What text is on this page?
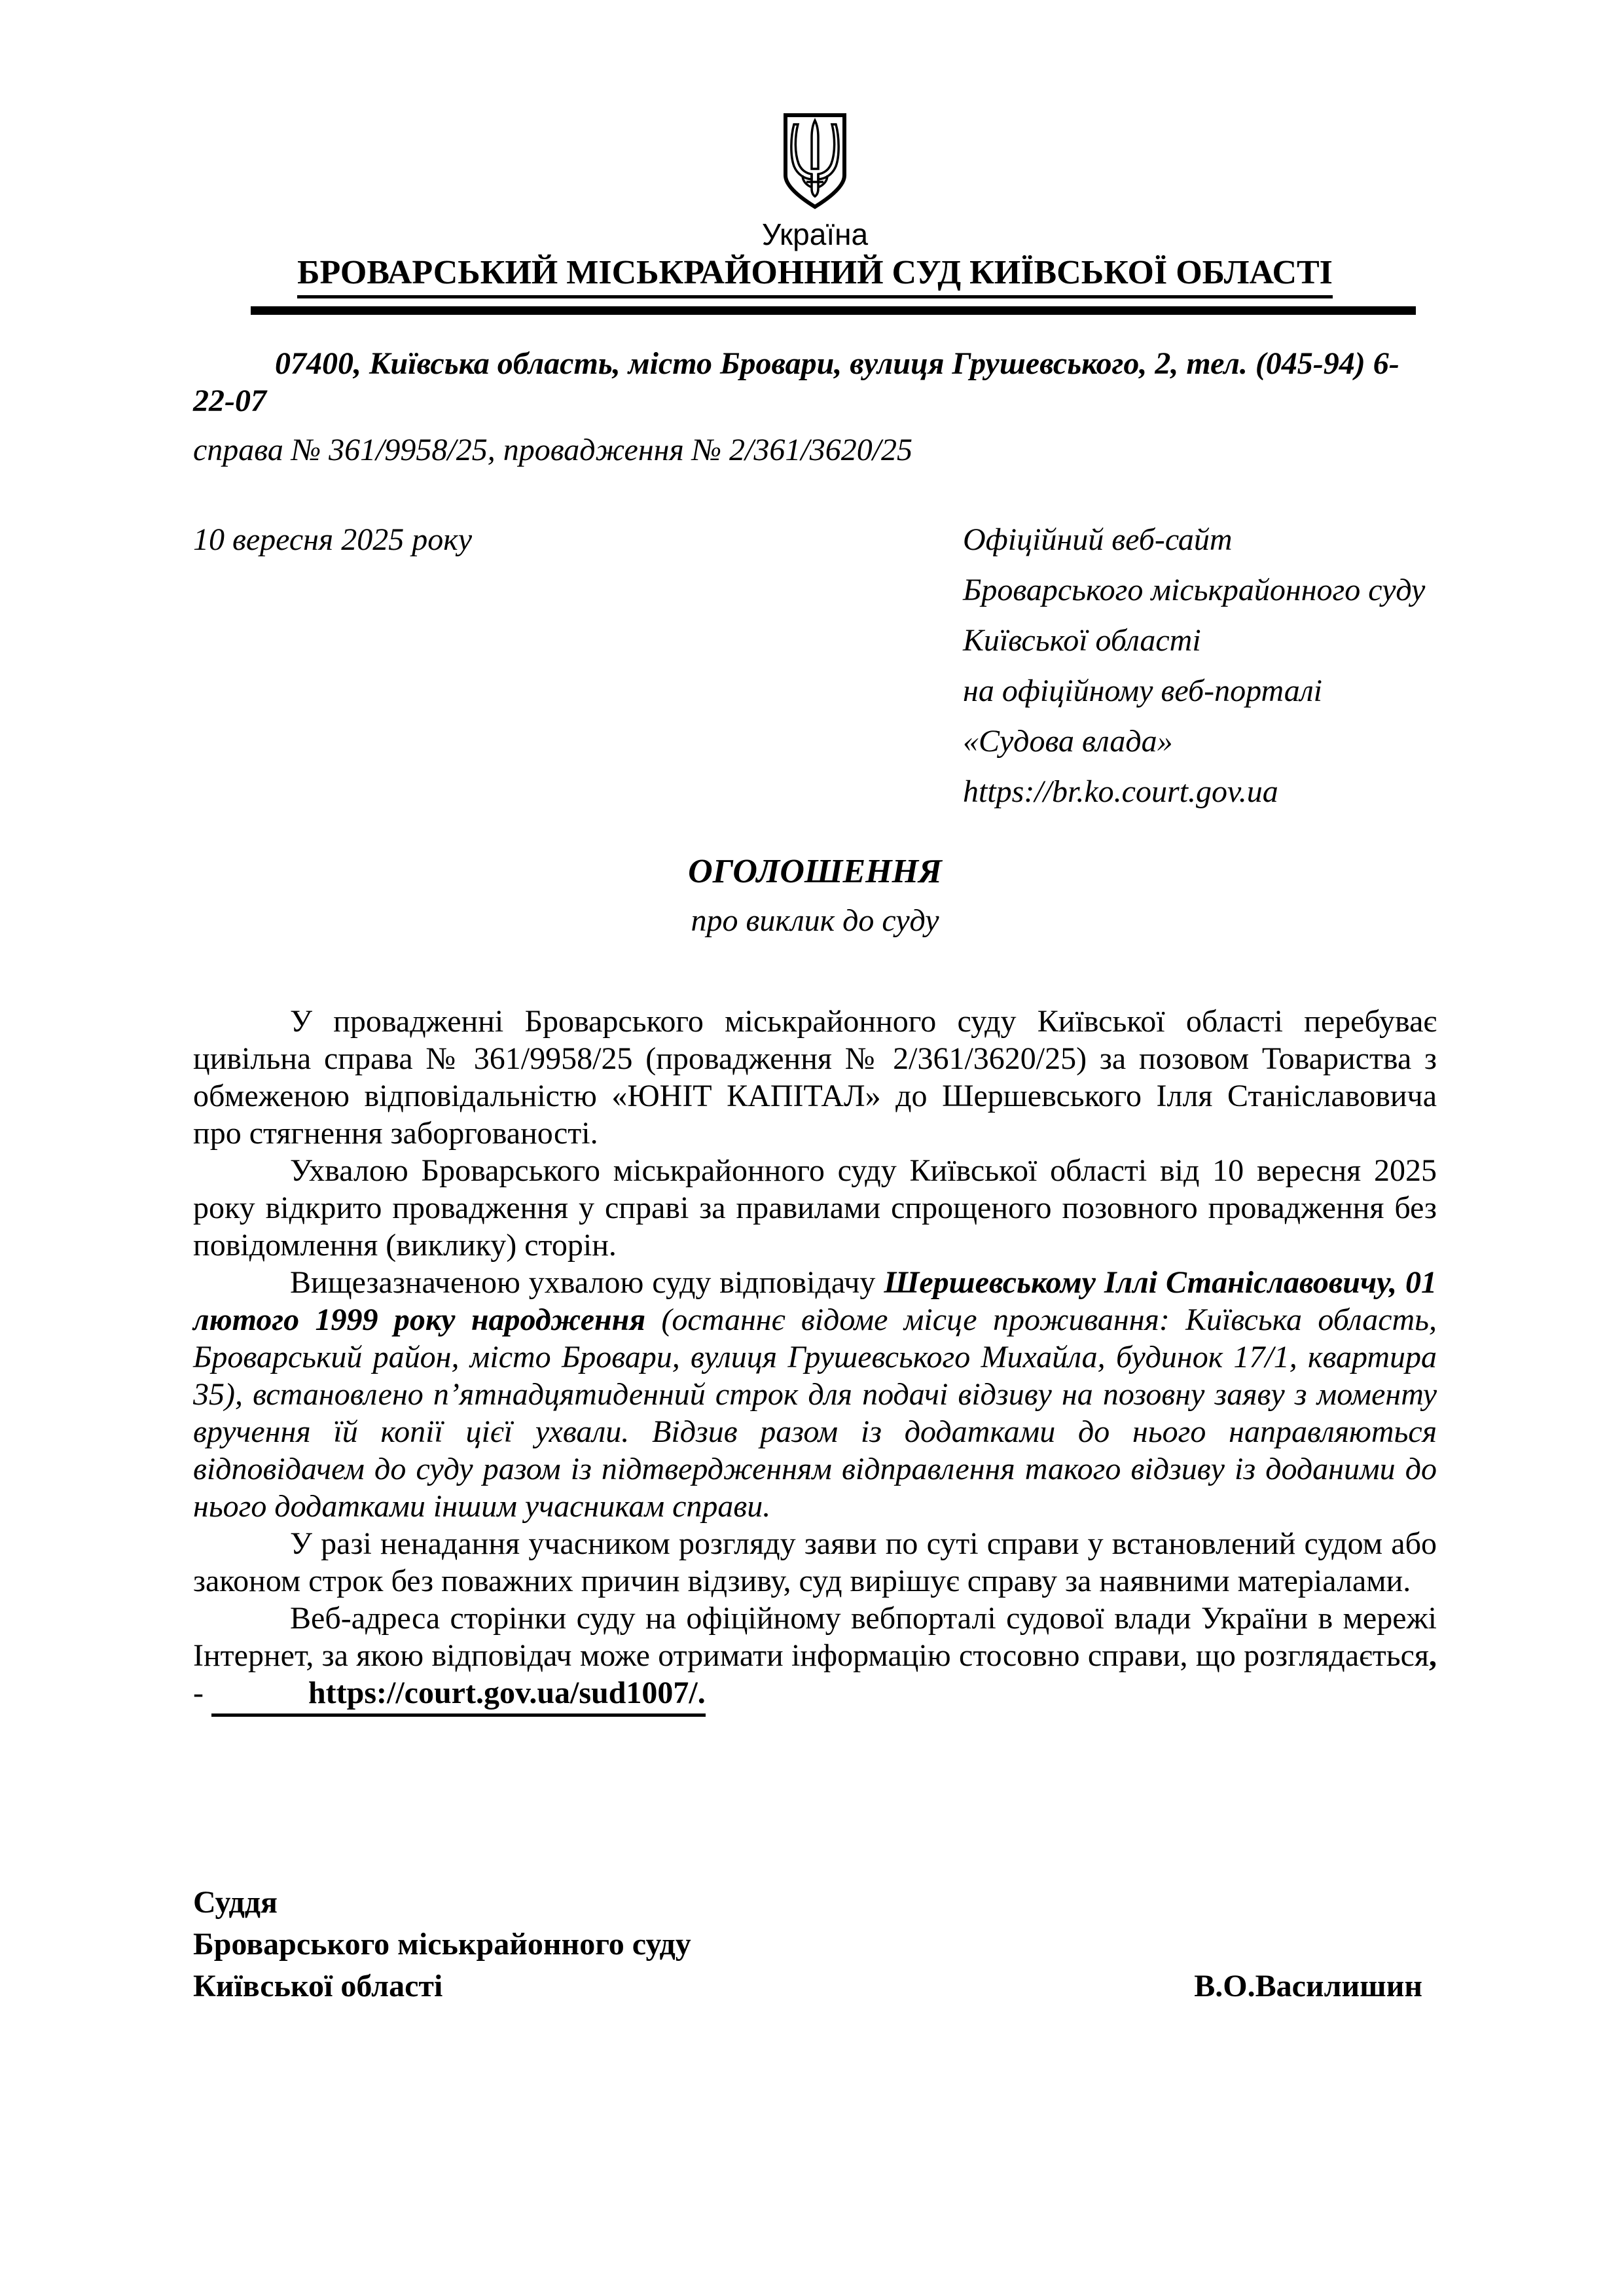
Україна
БРОВАРСЬКИЙ МІСЬКРАЙОННИЙ СУД КИЇВСЬКОЇ ОБЛАСТІ
07400, Київська область, місто Бровари, вулиця Грушевського, 2, тел. (045-94) 6-22-07
справа № 361/9958/25, провадження № 2/361/3620/25
10 вересня 2025 року	Офіційний веб-сайт
Броварського міськрайонного суду
Київської області
на офіційному веб-порталі
«Судова влада»
https://br.ko.court.gov.ua
ОГОЛОШЕННЯ
про виклик до суду

У провадженні Броварського міськрайонного суду Київської області перебуває цивільна справа № 361/9958/25 (провадження № 2/361/3620/25) за позовом Товариства з обмеженою відповідальністю «ЮНІТ КАПІТАЛ» до Шершевського Ілля Станіславовича про стягнення заборгованості.

Ухвалою Броварського міськрайонного суду Київської області від 10 вересня 2025 року відкрито провадження у справі за правилами спрощеного позовного провадження без повідомлення (виклику) сторін.

Вищезазначеною ухвалою суду відповідачу Шершевському Іллі Станіславовичу, 01 лютого 1999 року народження (останнє відоме місце проживання: Київська область, Броварський район, місто Бровари, вулиця Грушевського Михайла, будинок 17/1, квартира 35), встановлено п’ятнадцятиденний строк для подачі відзиву на позовну заяву з моменту вручення їй копії цієї ухвали. Відзив разом із додатками до нього направляються відповідачем до суду разом із підтвердженням відправлення такого відзиву із доданими до нього додатками іншим учасникам справи.

У разі ненадання учасником розгляду заяви по суті справи у встановлений судом або законом строк без поважних причин відзиву, суд вирішує справу за наявними матеріалами.

Веб-адреса сторінки суду на офіційному вебпорталі судової влади України в мережі Інтернет, за якою відповідач може отримати інформацію стосовно справи, що розглядається, -	https://court.gov.ua/sud1007/.

Суддя
Броварського міськрайонного суду
Київської області	В.О.Василишин
